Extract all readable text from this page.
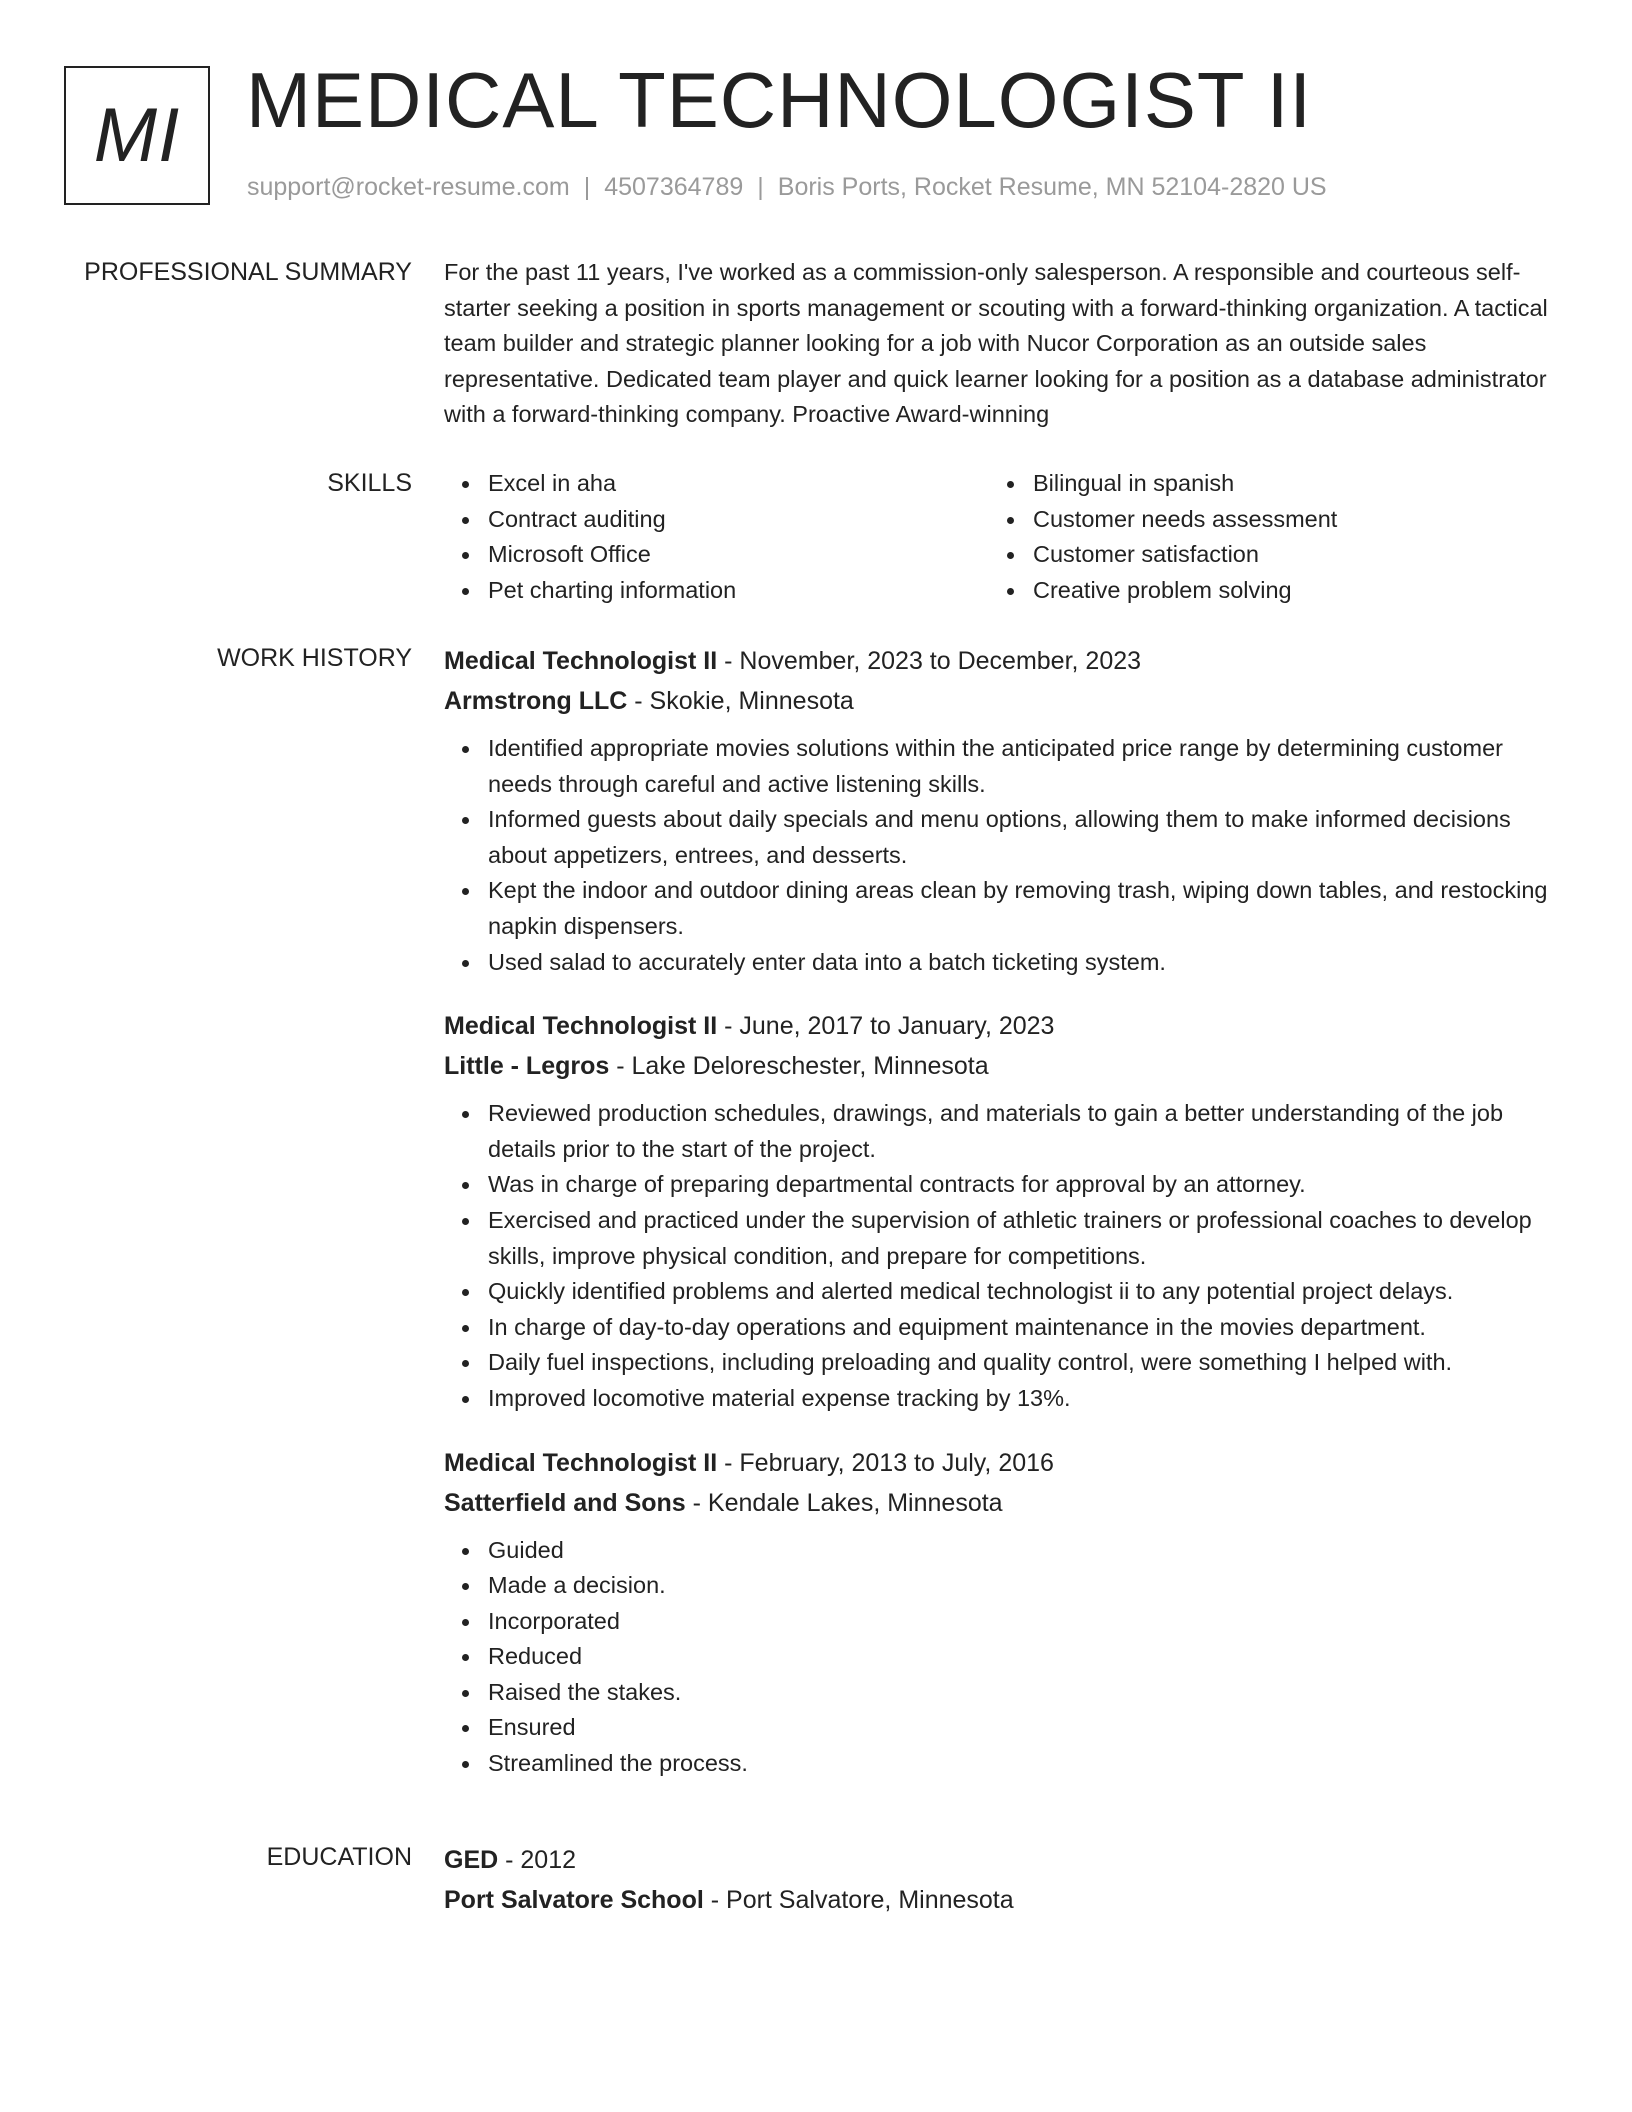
MI MEDICAL TECHNOLOGIST II
support@rocket-resume.com | 4507364789 | Boris Ports, Rocket Resume, MN 52104-2820 US
PROFESSIONAL SUMMARY For the past 11 years, I've worked as a commission-only salesperson. A responsible and courteous self-starter seeking a position in sports management or scouting with a forward-thinking organization. A tactical team builder and strategic planner looking for a job with Nucor Corporation as an outside sales representative. Dedicated team player and quick learner looking for a position as a database administrator with a forward-thinking company. Proactive Award-winning

SKILLS	Excel in aha
Contract auditing
Microsoft Office
Pet charting information
Bilingual in spanish
Customer needs assessment
Customer satisfaction
Creative problem solving
WORK HISTORY Medical Technologist II - November, 2023 to December, 2023
Armstrong LLC - Skokie, Minnesota
Identified appropriate movies solutions within the anticipated price range by determining customer needs through careful and active listening skills.
Informed guests about daily specials and menu options, allowing them to make informed decisions about appetizers, entrees, and desserts.
Kept the indoor and outdoor dining areas clean by removing trash, wiping down tables, and restocking napkin dispensers.
Used salad to accurately enter data into a batch ticketing system.
Medical Technologist II - June, 2017 to January, 2023
Little - Legros - Lake Deloreschester, Minnesota
Reviewed production schedules, drawings, and materials to gain a better understanding of the job details prior to the start of the project.
Was in charge of preparing departmental contracts for approval by an attorney.
Exercised and practiced under the supervision of athletic trainers or professional coaches to develop skills, improve physical condition, and prepare for competitions.
Quickly identified problems and alerted medical technologist ii to any potential project delays.
In charge of day-to-day operations and equipment maintenance in the movies department.
Daily fuel inspections, including preloading and quality control, were something I helped with.
Improved locomotive material expense tracking by 13%.
Medical Technologist II - February, 2013 to July, 2016
Satterfield and Sons - Kendale Lakes, Minnesota
Guided
Made a decision.
Incorporated
Reduced
Raised the stakes.
Ensured
Streamlined the process.
EDUCATION GED - 2012
Port Salvatore School - Port Salvatore, Minnesota
